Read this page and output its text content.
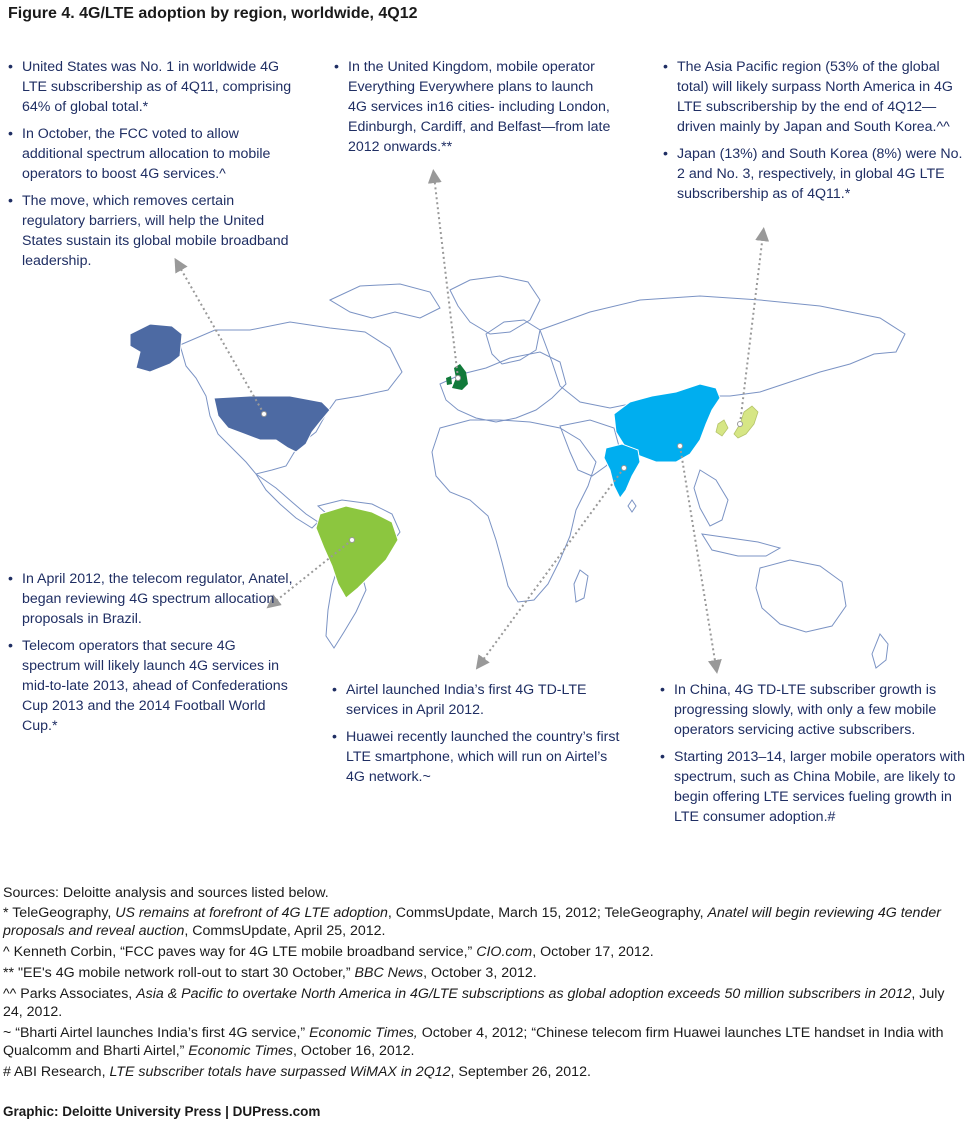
Figure 4. 4G/LTE adoption by region, worldwide, 4Q12
• United States was No. 1 in worldwide 4G LTE subscribership as of 4Q11, comprising 64% of global total.*
• In October, the FCC voted to allow additional spectrum allocation to mobile operators to boost 4G services.^
• The move, which removes certain regulatory barriers, will help the United States sustain its global mobile broadband leadership.
• In the United Kingdom, mobile operator Everything Everywhere plans to launch 4G services in16 cities- including London, Edinburgh, Cardiff, and Belfast—from late 2012 onwards.**
• The Asia Pacific region (53% of the global total) will likely surpass North America in 4G LTE subscribership by the end of 4Q12—driven mainly by Japan and South Korea.^^
• Japan (13%) and South Korea (8%) were No. 2 and No. 3, respectively, in global 4G LTE subscribership as of 4Q11.*
• In April 2012, the telecom regulator, Anatel, began reviewing 4G spectrum allocation proposals in Brazil.
• Telecom operators that secure 4G spectrum will likely launch 4G services in mid-to-late 2013, ahead of Confederations Cup 2013 and the 2014 Football World Cup.*
• Airtel launched India’s first 4G TD-LTE services in April 2012.
• Huawei recently launched the country’s first LTE smartphone, which will run on Airtel’s 4G network.~
• In China, 4G TD-LTE subscriber growth is progressing slowly, with only a few mobile operators servicing active subscribers.
• Starting 2013–14, larger mobile operators with spectrum, such as China Mobile, are likely to begin offering LTE services fueling growth in LTE consumer adoption.#

Sources: Deloitte analysis and sources listed below.

* TeleGeography, US remains at forefront of 4G LTE adoption, CommsUpdate, March 15, 2012; TeleGeography, Anatel will begin reviewing 4G tender proposals and reveal auction, CommsUpdate, April 25, 2012.

^ Kenneth Corbin, “FCC paves way for 4G LTE mobile broadband service,” CIO.com, October 17, 2012.

** "EE's 4G mobile network roll-out to start 30 October,” BBC News, October 3, 2012.

^^ Parks Associates, Asia & Pacific to overtake North America in 4G/LTE subscriptions as global adoption exceeds 50 million subscribers in 2012, July 24, 2012.

~ “Bharti Airtel launches India’s first 4G service,” Economic Times, October 4, 2012; “Chinese telecom firm Huawei launches LTE handset in India with Qualcomm and Bharti Airtel,” Economic Times, October 16, 2012.

# ABI Research, LTE subscriber totals have surpassed WiMAX in 2Q12, September 26, 2012.

Graphic: Deloitte University Press | DUPress.com
